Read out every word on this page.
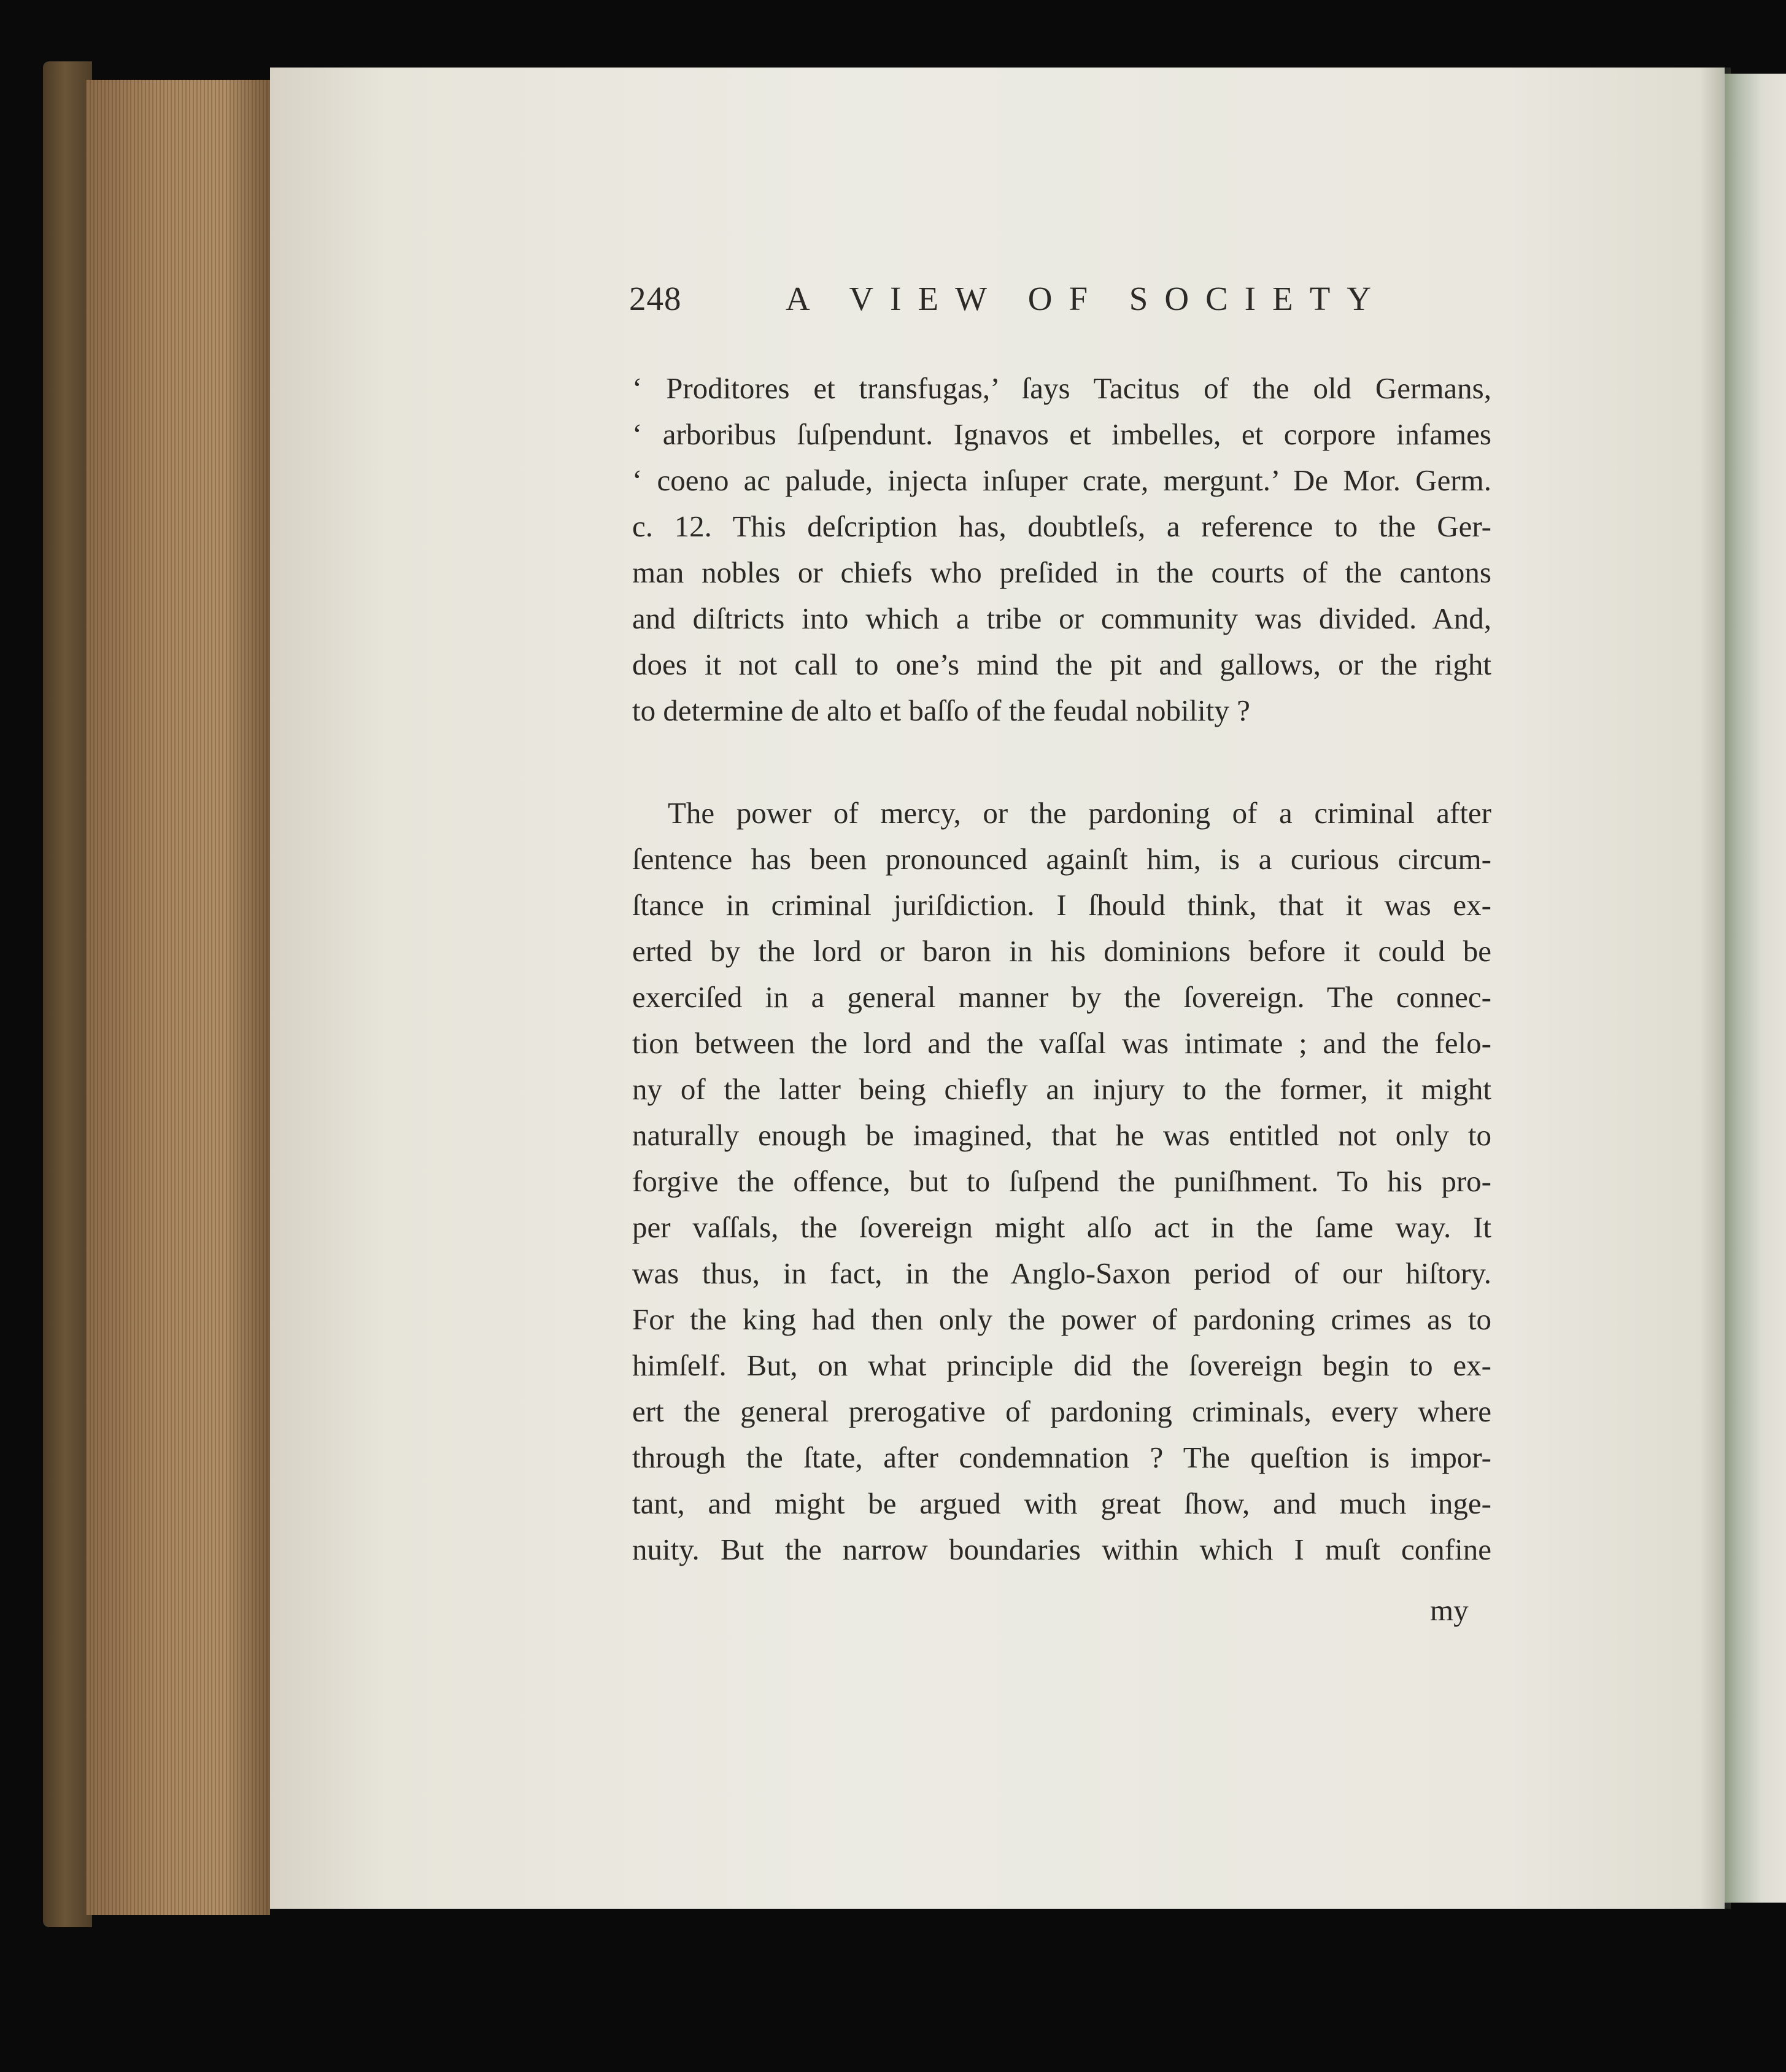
248	A VIEW OF SOCIETY
‘ Proditores et transfugas,’ ſays Tacitus of the old Germans,
‘ arboribus ſuſpendunt. Ignavos et imbelles, et corpore infames
‘ coeno ac palude, injecta inſuper crate, mergunt.’ De Mor. Germ.
c. 12. This deſcription has, doubtleſs, a reference to the Ger-
man nobles or chiefs who preſided in the courts of the cantons
and diſtricts into which a tribe or community was divided. And,
does it not call to one’s mind the pit and gallows, or the right
to determine de alto et baſſo of the feudal nobility ?
The power of mercy, or the pardoning of a criminal after
ſentence has been pronounced againſt him, is a curious circum-
ſtance in criminal juriſdiction. I ſhould think, that it was ex-
erted by the lord or baron in his dominions before it could be
exerciſed in a general manner by the ſovereign. The connec-
tion between the lord and the vaſſal was intimate ; and the felo-
ny of the latter being chiefly an injury to the former, it might
naturally enough be imagined, that he was entitled not only to
forgive the offence, but to ſuſpend the puniſhment. To his pro-
per vaſſals, the ſovereign might alſo act in the ſame way. It
was thus, in fact, in the Anglo-Saxon period of our hiſtory.
For the king had then only the power of pardoning crimes as to
himſelf. But, on what principle did the ſovereign begin to ex-
ert the general prerogative of pardoning criminals, every where
through the ſtate, after condemnation ? The queſtion is impor-
tant, and might be argued with great ſhow, and much inge-
nuity. But the narrow boundaries within which I muſt confine
my
